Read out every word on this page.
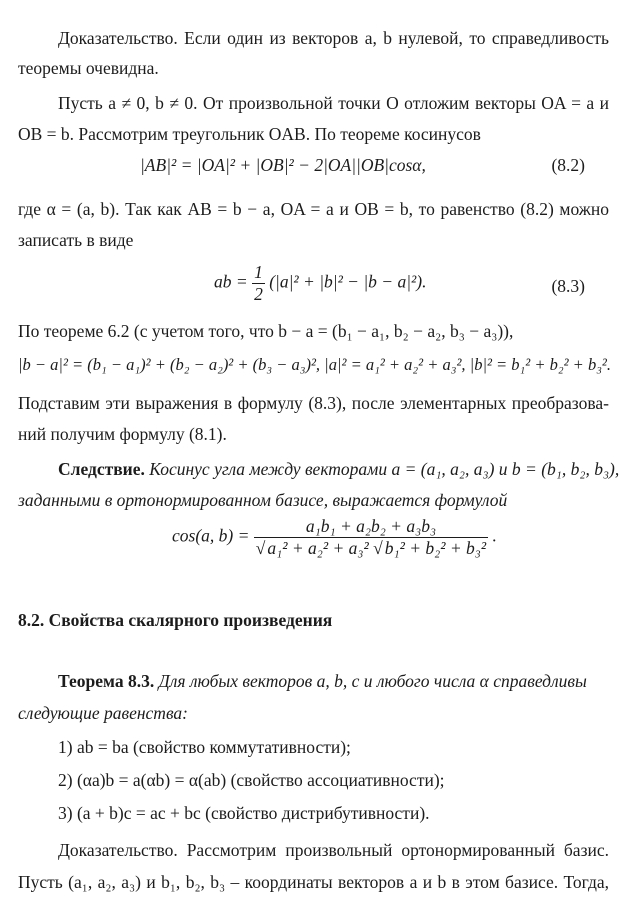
Доказательство. Если один из векторов a, b нулевой, то справедливость
теоремы очевидна.
Пусть a ≠ 0, b ≠ 0. От произвольной точки O отложим векторы OA = a и
OB = b. Рассмотрим треугольник OAB. По теореме косинусов
|AB|² = |OA|² + |OB|² − 2|OA||OB|cosα,	(8.2)
где α = (a, b). Так как AB = b − a, OA = a и OB = b, то равенство (8.2) можно
записать в виде
ab = $\frac{1}{2} (|a|^2 + |b|^2 - |b - a|^2)$.	(8.3)
По теореме 6.2 (с учетом того, что b − a = (b₁ − a₁, b₂ − a₂, b₃ − a₃)),
|b − a|² = (b₁ − a₁)² + (b₂ − a₂)² + (b₃ − a₃)², |a|² = a₁² + a₂² + a₃², |b|² = b₁² + b₂² + b₃².
Подставим эти выражения в формулу (8.3), после элементарных преобразова-
ний получим формулу (8.1).
Следствие. Косинус угла между векторами a = (a₁, a₂, a₃) и b = (b₁, b₂, b₃),
заданными в ортонормированном базисе, выражается формулой
cos(a, $b) = \frac{\text{a₁b₁ + a₂b₂ + a₃b₃}}{\text{√ a₁² + a₂² + a₃² √ b₁² + b₂² + b₃²}}$ .
8.2. Свойства скалярного произведения
Теорема 8.3. Для любых векторов a, b, c и любого числа α справедливы
следующие равенства:
1) ab = ba (свойство коммутативности);
2) (αa)b = a(αb) = α(ab) (свойство ассоциативности);
3) (a + b)c = ac + bc (свойство дистрибутивности).
Доказательство. Рассмотрим произвольный ортонормированный базис.
Пусть (a₁, a₂, a₃) и b₁, b₂, b₃ – координаты векторов a и b в этом базисе. Тогда,
